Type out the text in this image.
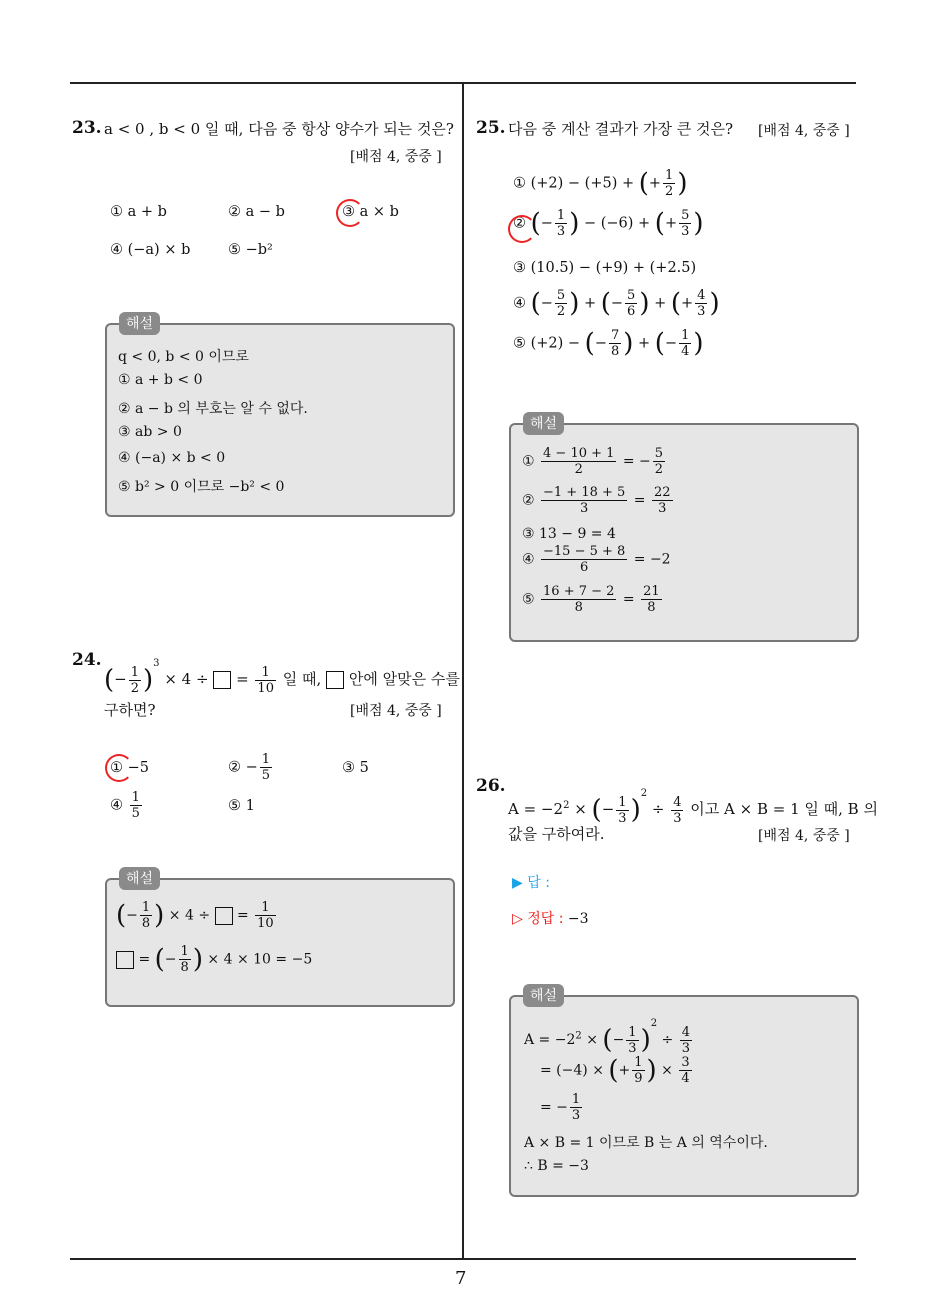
7
23. a < 0 , b < 0 일 때, 다음 중 항상 양수가 되는 것은?
[배점 4, 중중 ]
① a + b	② a − b	③ a × b
④ (−a) × b	⑤ −b²
해설
q < 0, b < 0 이므로
① a + b < 0
② a − b 의 부호는 알 수 없다.
③ ab > 0
④ (−a) × b < 0
⑤ b² > 0 이므로 −b² < 0
24.
(− $\frac{1}{2} )^3 \times 4$ ÷  = $\frac{1}{10}$ 일 때, 안에 알맞은 수를
구하면?	[배점 4, 중중 ]
① −5	② − $\frac{1}{5}$	③ 5
④ $\frac{1}{5}$	⑤ 1
해설
(− $\frac{1}{8}$ ) × 4 ÷  = $\frac{1}{10}$
= (− $\frac{1}{8}$ ) × 4 × 10 = −5
25. 다음 중 계산 결과가 가장 큰 것은? [배점 4, 중중 ]
① (+2) − (+5) + (+ $\frac{1}{2}$ )
② (− $\frac{1}{3}$ ) − (−6) + (+ $\frac{5}{3}$ )
③ (10.5) − (+9) + (+2.5)
④ (− $\frac{5}{2}$ ) + (− $\frac{5}{6}$ ) + (+ $\frac{4}{3}$ )
⑤ (+2) − (− $\frac{7}{8}$ ) + (− $\frac{1}{4}$ )
해설
① $\frac{4 - 10 + 1}{2}$ = − $\frac{5}{2}$
② $\frac{-1 + 18 + 5}{3} = \frac{22}{3}$
③ 13 − 9 = 4
④ $\frac{-15 - 5 + 8}{6} = -2$
⑤ $\frac{16 + 7 - 2}{8} = \frac{21}{8}$
26.
$A = -2^2$ × (− $\frac{1}{3} )^2 \div \frac{4}{3}$ 이고 A × B = 1 일 때, B 의
값을 구하여라.	[배점 4, 중중 ]
▶ 답 :
▷ 정답 : −3
해설
$A = -2^2$ × (− $\frac{1}{3} )^2 \div \frac{4}{3}$
= (−4) × (+ $\frac{1}{9}$ ) × $\frac{3}{4}$
= − $\frac{1}{3}$
A × B = 1 이므로 B 는 A 의 역수이다.
∴ B = −3
